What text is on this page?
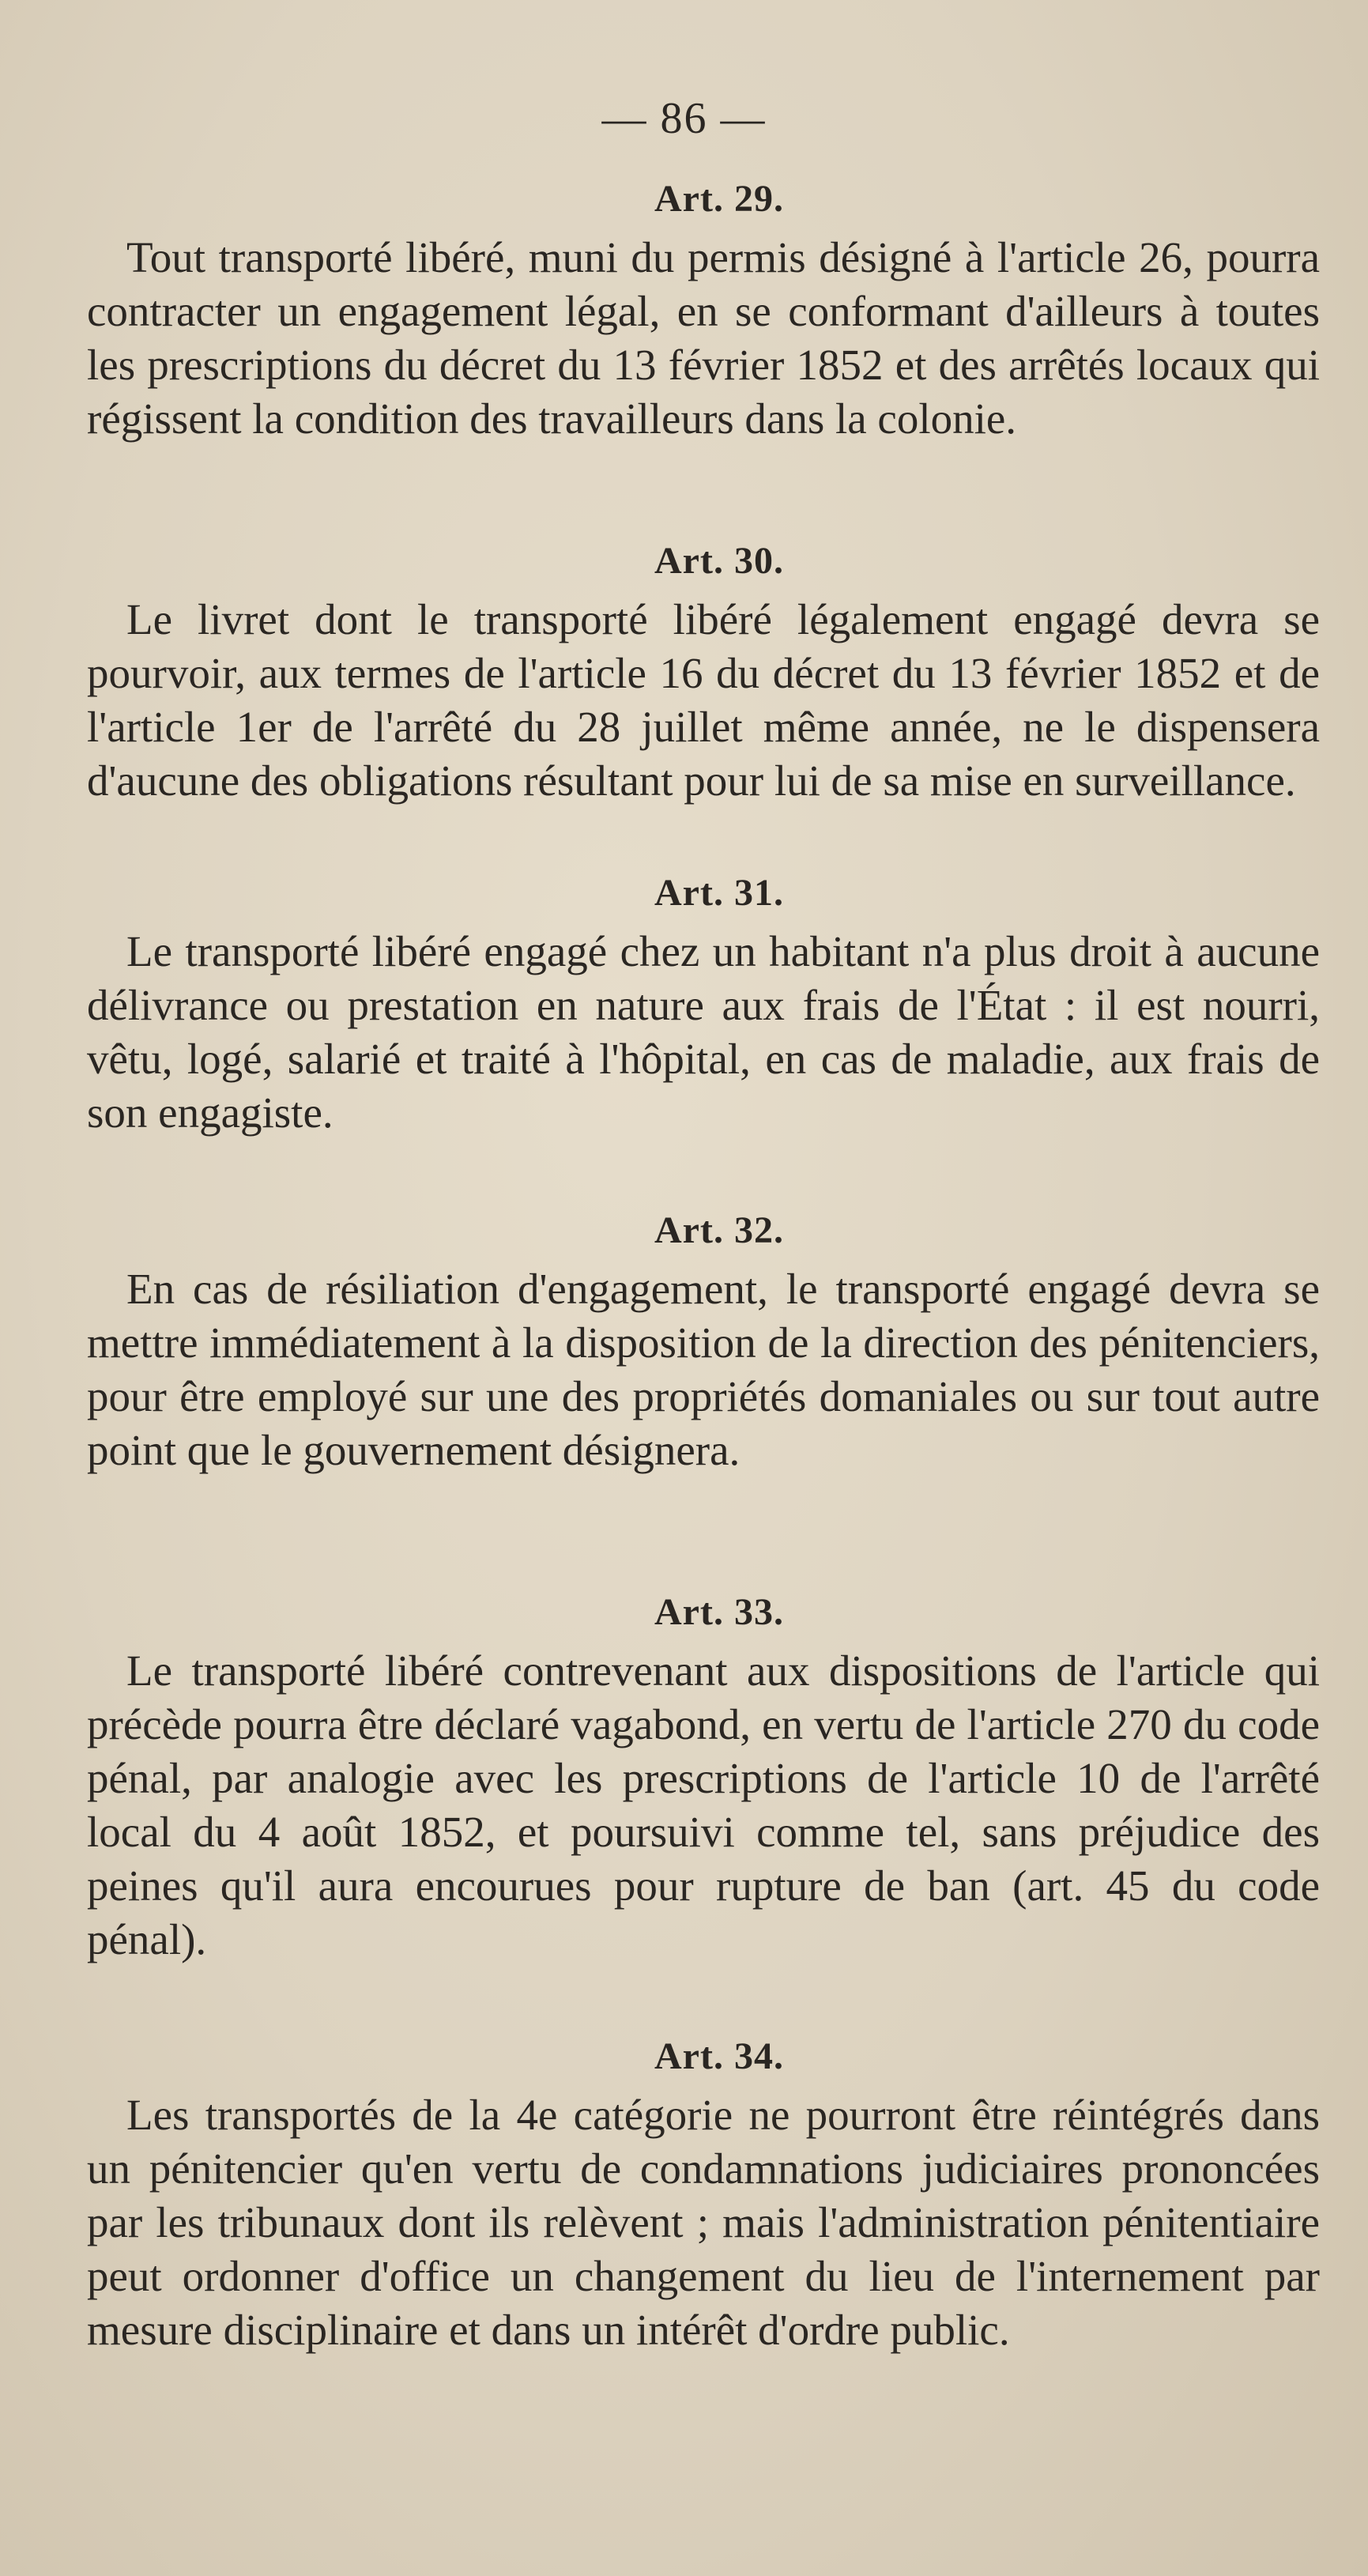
— 86 —
Art. 29.

Tout transporté libéré, muni du permis désigné à l'article 26, pourra contracter un engagement légal, en se conformant d'ailleurs à toutes les prescriptions du décret du 13 février 1852 et des arrêtés locaux qui régissent la condition des travailleurs dans la colonie.

Art. 30.

Le livret dont le transporté libéré légalement engagé devra se pourvoir, aux termes de l'article 16 du décret du 13 février 1852 et de l'article 1er de l'arrêté du 28 juillet même année, ne le dispensera d'aucune des obligations résultant pour lui de sa mise en surveillance.

Art. 31.

Le transporté libéré engagé chez un habitant n'a plus droit à aucune délivrance ou prestation en nature aux frais de l'État : il est nourri, vêtu, logé, salarié et traité à l'hôpital, en cas de maladie, aux frais de son engagiste.

Art. 32.

En cas de résiliation d'engagement, le transporté engagé devra se mettre immédiatement à la disposition de la direction des pénitenciers, pour être employé sur une des propriétés domaniales ou sur tout autre point que le gouvernement désignera.

Art. 33.

Le transporté libéré contrevenant aux dispositions de l'article qui précède pourra être déclaré vagabond, en vertu de l'article 270 du code pénal, par analogie avec les prescriptions de l'article 10 de l'arrêté local du 4 août 1852, et poursuivi comme tel, sans préjudice des peines qu'il aura encourues pour rupture de ban (art. 45 du code pénal).

Art. 34.

Les transportés de la 4e catégorie ne pourront être réintégrés dans un pénitencier qu'en vertu de condamnations judiciaires prononcées par les tribunaux dont ils relèvent ; mais l'administration pénitentiaire peut ordonner d'office un changement du lieu de l'internement par mesure disciplinaire et dans un intérêt d'ordre public.
